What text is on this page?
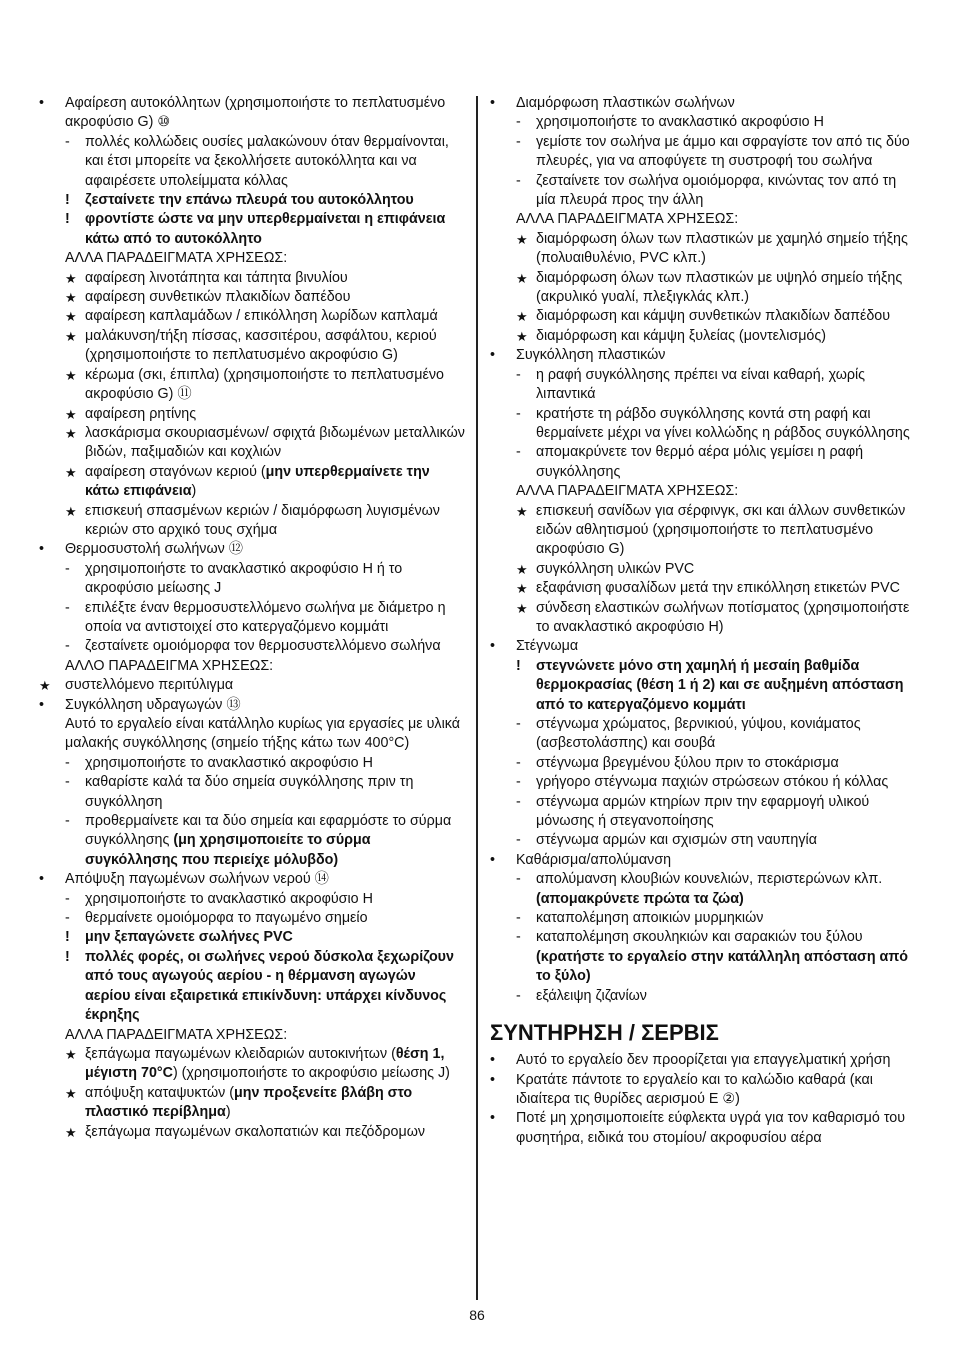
• Αφαίρεση αυτοκόλλητων (χρησιμοποιήστε το πεπλατυσμένο ακροφύσιο G) ⑩
- πολλές κολλώδεις ουσίες μαλακώνουν όταν θερμαίνονται, και έτσι μπορείτε να ξεκολλήσετε αυτοκόλλητα και να αφαιρέσετε υπολείμματα κόλλας
! ζεσταίνετε την επάνω πλευρά του αυτοκόλλητου
! φροντίστε ώστε να μην υπερθερμαίνεται η επιφάνεια κάτω από το αυτοκόλλητο
ΑΛΛΑ ΠΑΡΑΔΕΙΓΜΑΤΑ ΧΡΗΣΕΩΣ:
★ αφαίρεση λινοτάπητα και τάπητα βινυλίου
★ αφαίρεση συνθετικών πλακιδίων δαπέδου
★ αφαίρεση καπλαμάδων / επικόλληση λωρίδων καπλαμά
★ μαλάκυνση/τήξη πίσσας, κασσιτέρου, ασφάλτου, κεριού (χρησιμοποιήστε το πεπλατυσμένο ακροφύσιο G)
★ κέρωμα (σκι, έπιπλα) (χρησιμοποιήστε το πεπλατυσμένο ακροφύσιο G) ⑪
★ αφαίρεση ρητίνης
★ λασκάρισμα σκουριασμένων/ σφιχτά βιδωμένων μεταλλικών βιδών, παξιμαδιών και κοχλιών
★ αφαίρεση σταγόνων κεριού (μην υπερθερμαίνετε την κάτω επιφάνεια)
★ επισκευή σπασμένων κεριών / διαμόρφωση λυγισμένων κεριών στο αρχικό τους σχήμα
• Θερμοσυστολή σωλήνων ⑫
- χρησιμοποιήστε το ανακλαστικό ακροφύσιο H ή το ακροφύσιο μείωσης J
- επιλέξτε έναν θερμοσυστελλόμενο σωλήνα με διάμετρο η οποία να αντιστοιχεί στο κατεργαζόμενο κομμάτι
- ζεσταίνετε ομοιόμορφα τον θερμοσυστελλόμενο σωλήνα
ΑΛΛΟ ΠΑΡΑΔΕΙΓΜΑ ΧΡΗΣΕΩΣ:
★ συστελλόμενο περιτύλιγμα
• Συγκόλληση υδραγωγών ⑬
Αυτό το εργαλείο είναι κατάλληλο κυρίως για εργασίες με υλικά μαλακής συγκόλλησης (σημείο τήξης κάτω των 400°C)
- χρησιμοποιήστε το ανακλαστικό ακροφύσιο H
- καθαρίστε καλά τα δύο σημεία συγκόλλησης πριν τη συγκόλληση
- προθερμαίνετε και τα δύο σημεία και εφαρμόστε το σύρμα συγκόλλησης (μη χρησιμοποιείτε το σύρμα συγκόλλησης που περιείχε μόλυβδο)
• Απόψυξη παγωμένων σωλήνων νερού ⑭
- χρησιμοποιήστε το ανακλαστικό ακροφύσιο H
- θερμαίνετε ομοιόμορφα το παγωμένο σημείο
! μην ξεπαγώνετε σωλήνες PVC
! πολλές φορές, οι σωλήνες νερού δύσκολα ξεχωρίζουν από τους αγωγούς αερίου - η θέρμανση αγωγών αερίου είναι εξαιρετικά επικίνδυνη: υπάρχει κίνδυνος έκρηξης
ΑΛΛΑ ΠΑΡΑΔΕΙΓΜΑΤΑ ΧΡΗΣΕΩΣ:
★ ξεπάγωμα παγωμένων κλειδαριών αυτοκινήτων (θέση 1, μέγιστη 70°C) (χρησιμοποιήστε το ακροφύσιο μείωσης J)
★ απόψυξη καταψυκτών (μην προξενείτε βλάβη στο πλαστικό περίβλημα)
★ ξεπάγωμα παγωμένων σκαλοπατιών και πεζόδρομων
• Διαμόρφωση πλαστικών σωλήνων
- χρησιμοποιήστε το ανακλαστικό ακροφύσιο H
- γεμίστε τον σωλήνα με άμμο και σφραγίστε τον από τις δύο πλευρές, για να αποφύγετε τη συστροφή του σωλήνα
- ζεσταίνετε τον σωλήνα ομοιόμορφα, κινώντας τον από τη μία πλευρά προς την άλλη
ΑΛΛΑ ΠΑΡΑΔΕΙΓΜΑΤΑ ΧΡΗΣΕΩΣ:
★ διαμόρφωση όλων των πλαστικών με χαμηλό σημείο τήξης (πολυαιθυλένιο, PVC κλπ.)
★ διαμόρφωση όλων των πλαστικών με υψηλό σημείο τήξης (ακρυλικό γυαλί, πλεξιγκλάς κλπ.)
★ διαμόρφωση και κάμψη συνθετικών πλακιδίων δαπέδου
★ διαμόρφωση και κάμψη ξυλείας (μοντελισμός)
• Συγκόλληση πλαστικών
- η ραφή συγκόλλησης πρέπει να είναι καθαρή, χωρίς λιπαντικά
- κρατήστε τη ράβδο συγκόλλησης κοντά στη ραφή και θερμαίνετε μέχρι να γίνει κολλώδης η ράβδος συγκόλλησης
- απομακρύνετε τον θερμό αέρα μόλις γεμίσει η ραφή συγκόλλησης
ΑΛΛΑ ΠΑΡΑΔΕΙΓΜΑΤΑ ΧΡΗΣΕΩΣ:
★ επισκευή σανίδων για σέρφινγκ, σκι και άλλων συνθετικών ειδών αθλητισμού (χρησιμοποιήστε το πεπλατυσμένο ακροφύσιο G)
★ συγκόλληση υλικών PVC
★ εξαφάνιση φυσαλίδων μετά την επικόλληση ετικετών PVC
★ σύνδεση ελαστικών σωλήνων ποτίσματος (χρησιμοποιήστε το ανακλαστικό ακροφύσιο H)
• Στέγνωμα
! στεγνώνετε μόνο στη χαμηλή ή μεσαίη βαθμίδα θερμοκρασίας (θέση 1 ή 2) και σε αυξημένη απόσταση από το κατεργαζόμενο κομμάτι
- στέγνωμα χρώματος, βερνικιού, γύψου, κονιάματος (ασβεστολάσπης) και σουβά
- στέγνωμα βρεγμένου ξύλου πριν το στοκάρισμα
- γρήγορο στέγνωμα παχιών στρώσεων στόκου ή κόλλας
- στέγνωμα αρμών κτηρίων πριν την εφαρμογή υλικού μόνωσης ή στεγανοποίησης
- στέγνωμα αρμών και σχισμών στη ναυπηγία
• Καθάρισμα/απολύμανση
- απολύμανση κλουβιών κουνελιών, περιστερώνων κλπ. (απομακρύνετε πρώτα τα ζώα)
- καταπολέμηση αποικιών μυρμηκιών
- καταπολέμηση σκουληκιών και σαρακιών του ξύλου (κρατήστε το εργαλείο στην κατάλληλη απόσταση από το ξύλο)
- εξάλειψη ζιζανίων
ΣΥΝΤΗΡΗΣΗ / ΣΕΡΒΙΣ
• Αυτό το εργαλείο δεν προορίζεται για επαγγελματική χρήση
• Κρατάτε πάντοτε το εργαλείο και το καλώδιο καθαρά (και ιδιαίτερα τις θυρίδες αερισμού E ②)
• Ποτέ μη χρησιμοποιείτε εύφλεκτα υγρά για τον καθαρισμό του φυσητήρα, ειδικά του στομίου/ ακροφυσίου αέρα
86
